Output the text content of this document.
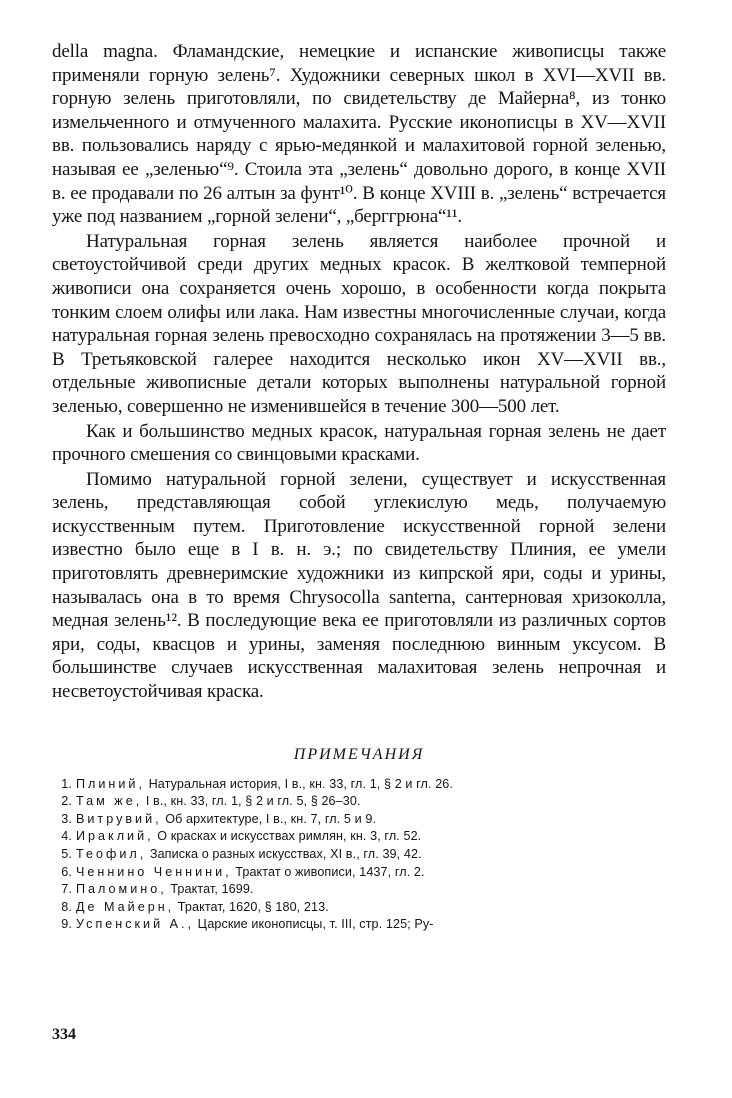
della magna. Фламандские, немецкие и испанские живописцы также применяли горную зелень⁷. Художники северных школ в XVI—XVII вв. горную зелень приготовляли, по свидетельству де Майерна⁸, из тонко измельченного и отмученного малахита. Русские иконописцы в XV—XVII вв. пользовались наряду с ярью-медянкой и малахитовой горной зеленью, называя ее „зеленью“⁹. Стоила эта „зелень“ довольно дорого, в конце XVII в. ее продавали по 26 алтын за фунт¹⁰. В конце XVIII в. „зелень“ встречается уже под названием „горной зелени“, „берггрюна“¹¹.

Натуральная горная зелень является наиболее прочной и светоустойчивой среди других медных красок. В желтковой темперной живописи она сохраняется очень хорошо, в особенности когда покрыта тонким слоем олифы или лака. Нам известны многочисленные случаи, когда натуральная горная зелень превосходно сохранялась на протяжении 3—5 вв. В Третьяковской галерее находится несколько икон XV—XVII вв., отдельные живописные детали которых выполнены натуральной горной зеленью, совершенно не изменившейся в течение 300—500 лет.

Как и большинство медных красок, натуральная горная зелень не дает прочного смешения со свинцовыми красками.

Помимо натуральной горной зелени, существует и искусственная зелень, представляющая собой углекислую медь, получаемую искусственным путем. Приготовление искусственной горной зелени известно было еще в I в. н. э.; по свидетельству Плиния, ее умели приготовлять древнеримские художники из кипрской яри, соды и урины, называлась она в то время Chrysocolla santerna, сантерновая хризоколла, медная зелень¹². В последующие века ее приготовляли из различных сортов яри, соды, квасцов и урины, заменяя последнюю винным уксусом. В большинстве случаев искусственная малахитовая зелень непрочная и несветоустойчивая краска.

ПРИМЕЧАНИЯ
1. Плиний, Натуральная история, I в., кн. 33, гл. 1, § 2 и гл. 26.
2. Там же, I в., кн. 33, гл. 1, § 2 и гл. 5, § 26–30.
3. Витрувий, Об архитектуре, I в., кн. 7, гл. 5 и 9.
4. Ираклий, О красках и искусствах римлян, кн. 3, гл. 52.
5. Теофил, Записка о разных искусствах, XI в., гл. 39, 42.
6. Ченнино Ченнини, Трактат о живописи, 1437, гл. 2.
7. Паломино, Трактат, 1699.
8. Де Майерн, Трактат, 1620, § 180, 213.
9. Успенский А., Царские иконописцы, т. III, стр. 125; Ру-
334
